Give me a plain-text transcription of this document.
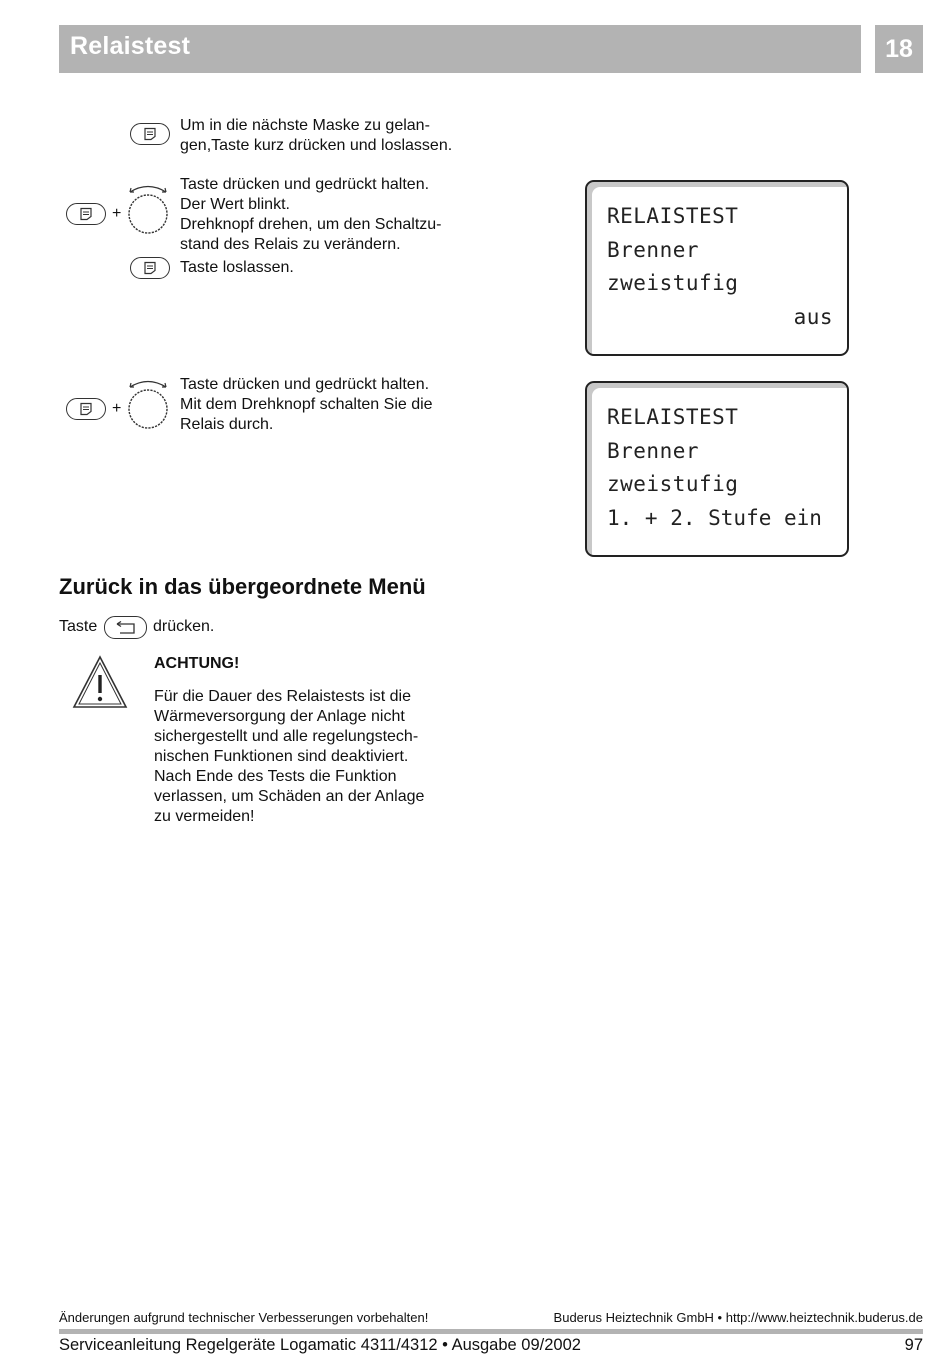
Relaistest	18
Um in die nächste Maske zu gelan-
gen,Taste kurz drücken und loslassen.
+
Taste drücken und gedrückt halten.
Der Wert blinkt.
Drehknopf drehen, um den Schaltzu-
stand des Relais zu verändern.
Taste loslassen.
RELAISTEST
Brenner
zweistufig
aus
+
Taste drücken und gedrückt halten.
Mit dem Drehknopf schalten Sie die
Relais durch.	RELAISTEST
Brenner
zweistufig
1. + 2. Stufe ein
Zurück in das übergeordnete Menü
Taste	drücken.
ACHTUNG!
Für die Dauer des Relaistests ist die
Wärmeversorgung der Anlage nicht
sichergestellt und alle regelungstech-
nischen Funktionen sind deaktiviert.
Nach Ende des Tests die Funktion
verlassen, um Schäden an der Anlage
zu vermeiden!
Änderungen aufgrund technischer Verbesserungen vorbehalten!	Buderus Heiztechnik GmbH • http://www.heiztechnik.buderus.de
Serviceanleitung Regelgeräte Logamatic 4311/4312 • Ausgabe 09/2002	97
